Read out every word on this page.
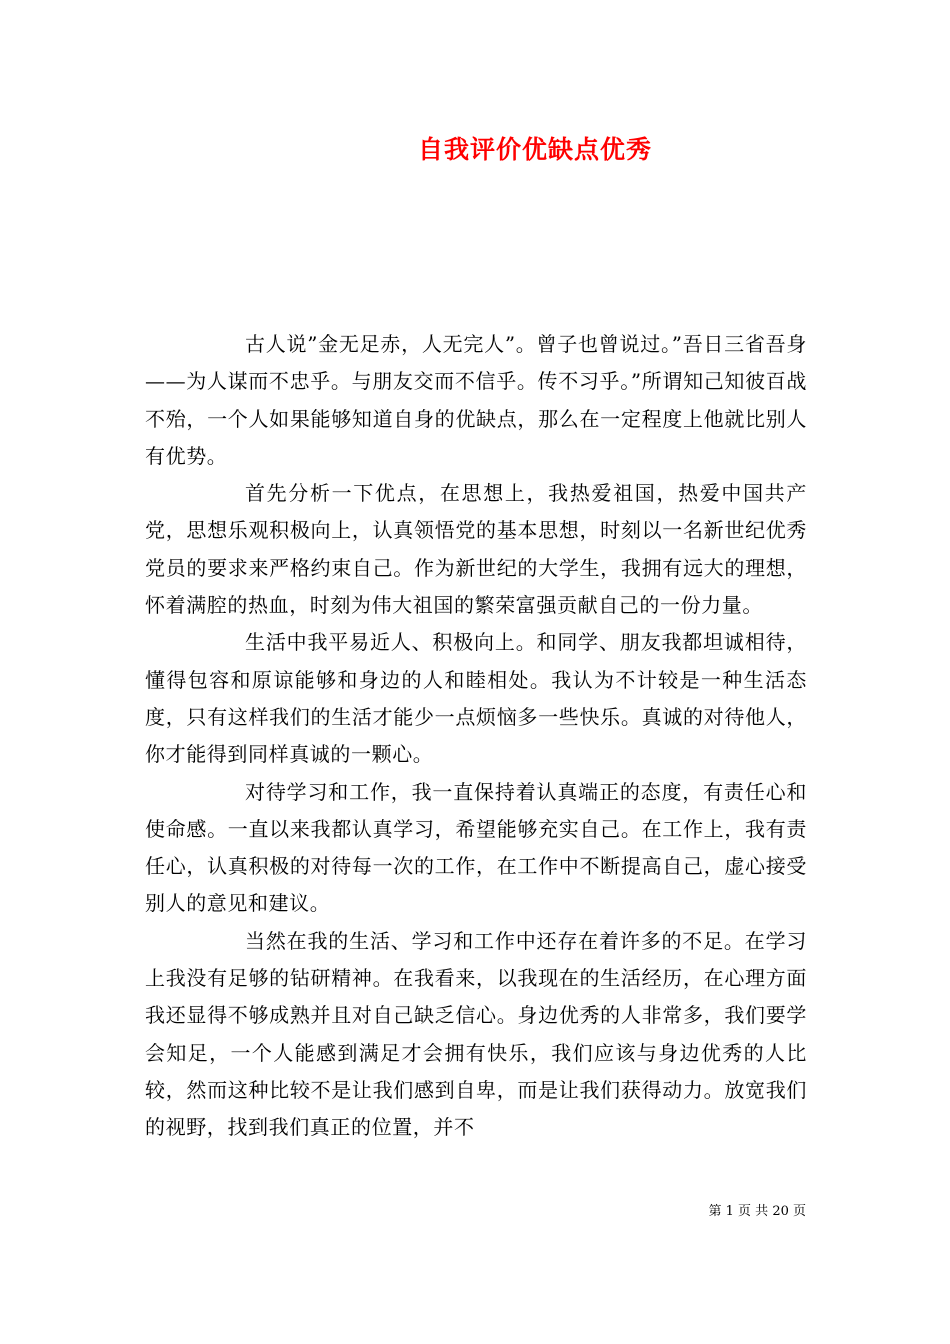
自我评价优缺点优秀

古人说”金无足赤，人无完人”。曾子也曾说过。”吾日三省吾身——为人谋而不忠乎。与朋友交而不信乎。传不习乎。”所谓知己知彼百战不殆，一个人如果能够知道自身的优缺点，那么在一定程度上他就比别人有优势。

首先分析一下优点，在思想上，我热爱祖国，热爱中国共产党，思想乐观积极向上，认真领悟党的基本思想，时刻以一名新世纪优秀党员的要求来严格约束自己。作为新世纪的大学生，我拥有远大的理想，怀着满腔的热血，时刻为伟大祖国的繁荣富强贡献自己的一份力量。

生活中我平易近人、积极向上。和同学、朋友我都坦诚相待，懂得包容和原谅能够和身边的人和睦相处。我认为不计较是一种生活态度，只有这样我们的生活才能少一点烦恼多一些快乐。真诚的对待他人，你才能得到同样真诚的一颗心。

对待学习和工作，我一直保持着认真端正的态度，有责任心和使命感。一直以来我都认真学习，希望能够充实自己。在工作上，我有责任心，认真积极的对待每一次的工作，在工作中不断提高自己，虚心接受别人的意见和建议。

当然在我的生活、学习和工作中还存在着许多的不足。在学习上我没有足够的钻研精神。在我看来，以我现在的生活经历，在心理方面我还显得不够成熟并且对自己缺乏信心。身边优秀的人非常多，我们要学会知足，一个人能感到满足才会拥有快乐，我们应该与身边优秀的人比较，然而这种比较不是让我们感到自卑，而是让我们获得动力。放宽我们的视野，找到我们真正的位置，并不

第 1 页 共 20 页
